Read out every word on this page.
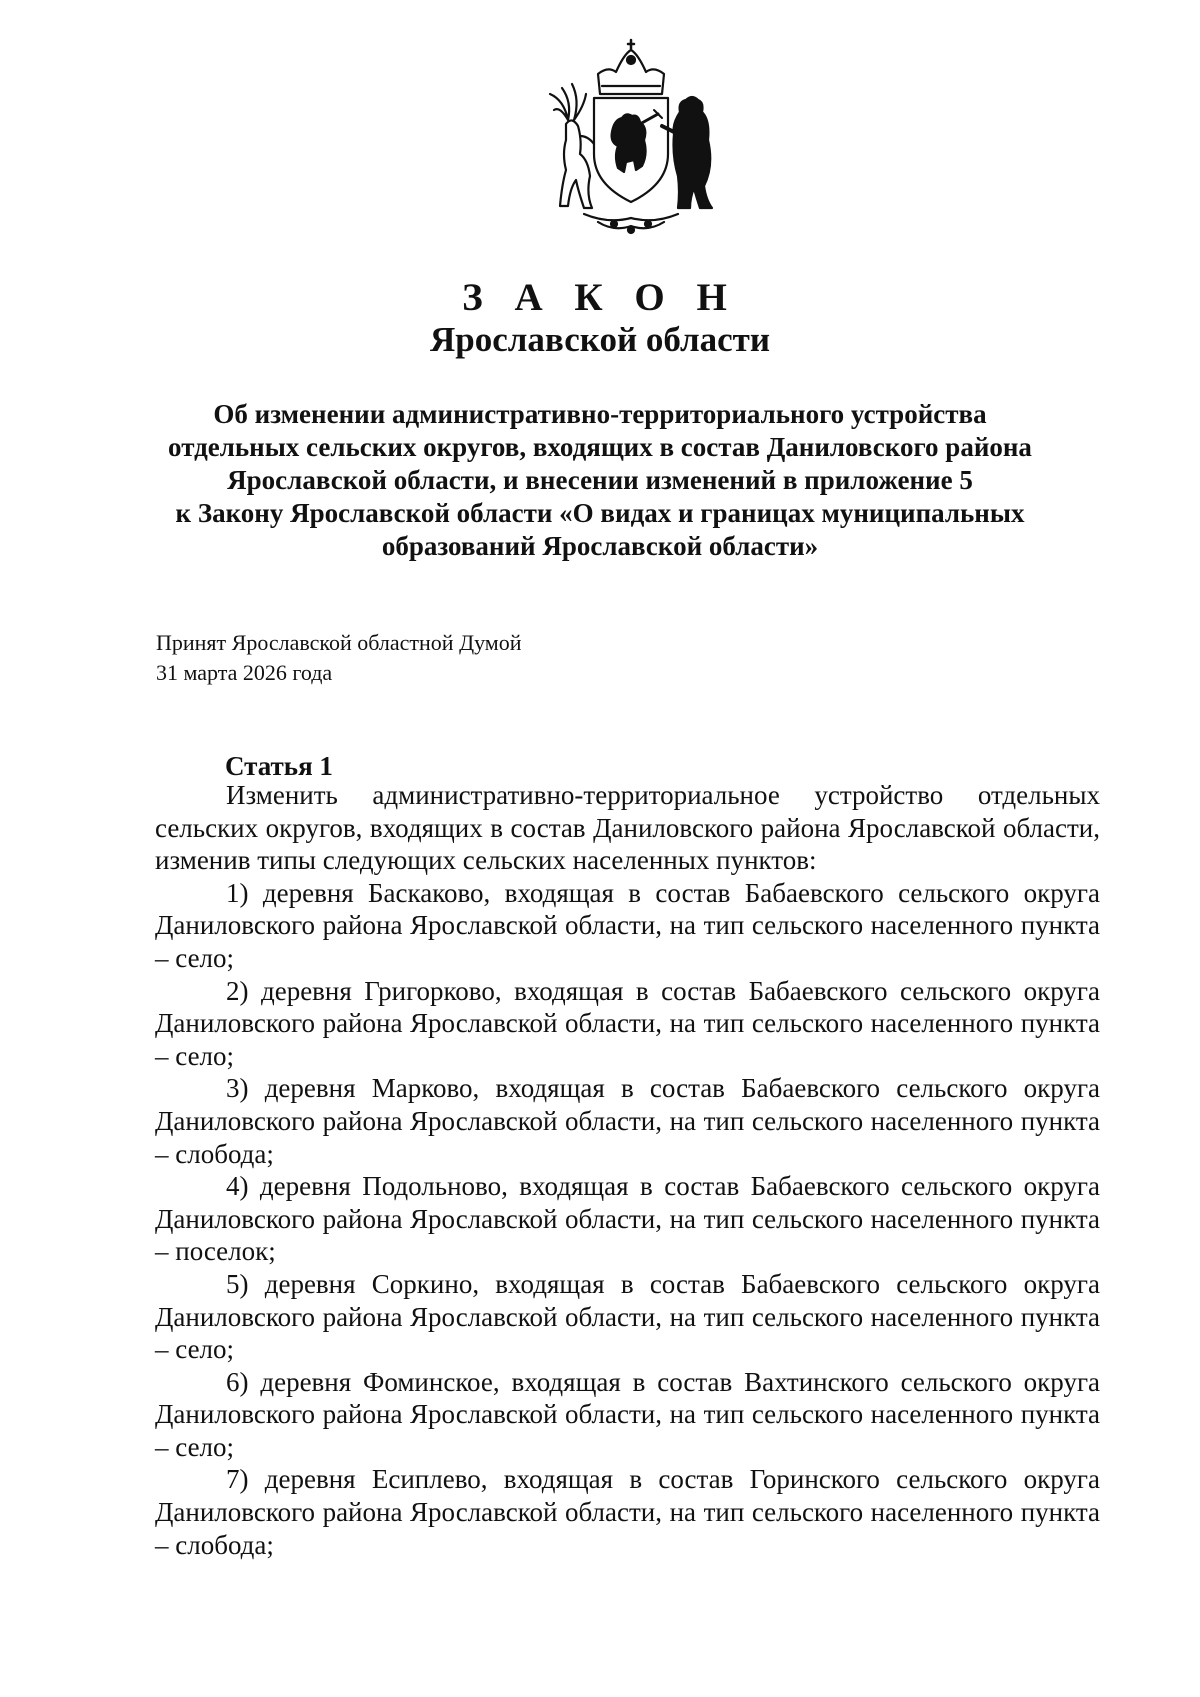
З А К О Н
Ярославской области
Об изменении административно-территориального устройства
отдельных сельских округов, входящих в состав Даниловского района
Ярославской области, и внесении изменений в приложение 5
к Закону Ярославской области «О видах и границах муниципальных
образований Ярославской области»
Принят Ярославской областной Думой
31 марта 2026 года
Статья 1

Изменить административно-территориальное устройство отдельных сельских округов, входящих в состав Даниловского района Ярославской области, изменив типы следующих сельских населенных пунктов:

1) деревня Баскаково, входящая в состав Бабаевского сельского округа Даниловского района Ярославской области, на тип сельского населенного пункта – село;

2) деревня Григорково, входящая в состав Бабаевского сельского округа Даниловского района Ярославской области, на тип сельского населенного пункта – село;

3) деревня Марково, входящая в состав Бабаевского сельского округа Даниловского района Ярославской области, на тип сельского населенного пункта – слобода;

4) деревня Подольново, входящая в состав Бабаевского сельского округа Даниловского района Ярославской области, на тип сельского населенного пункта – поселок;

5) деревня Соркино, входящая в состав Бабаевского сельского округа Даниловского района Ярославской области, на тип сельского населенного пункта – село;

6) деревня Фоминское, входящая в состав Вахтинского сельского округа Даниловского района Ярославской области, на тип сельского населенного пункта – село;

7) деревня Есиплево, входящая в состав Горинского сельского округа Даниловского района Ярославской области, на тип сельского населенного пункта – слобода;
